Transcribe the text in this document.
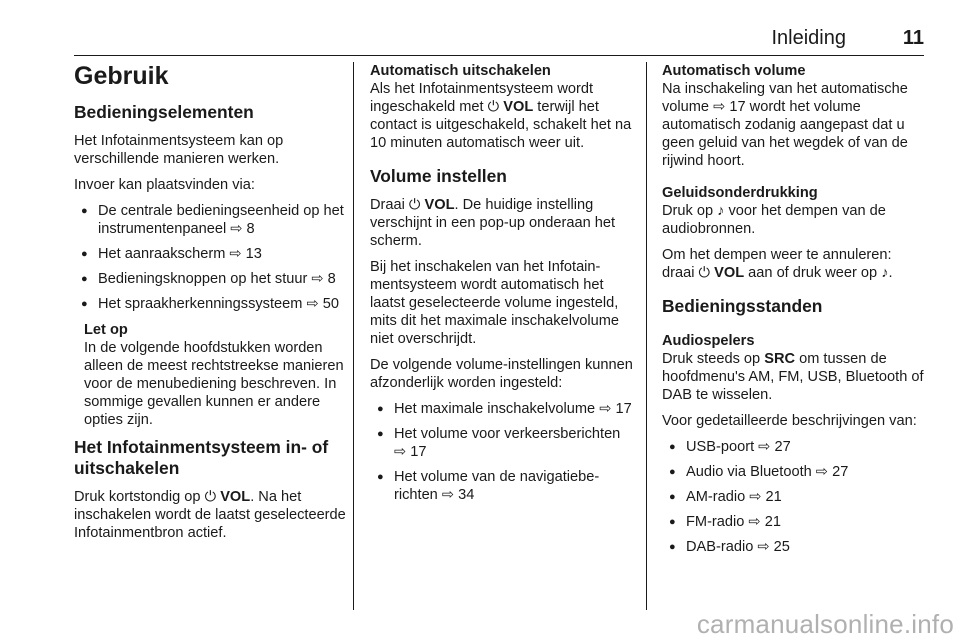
Inleiding	11
Gebruik
Bedieningselementen

Het Infotainmentsysteem kan op verschillende manieren werken.

Invoer kan plaatsvinden via:

● De centrale bedieningseenheid op het instrumentenpaneel ⇨ 8
● Het aanraakscherm ⇨ 13
● Bedieningsknoppen op het stuur ⇨ 8
● Het spraakherkenningssysteem ⇨ 50
Let op

In de volgende hoofdstukken worden alleen de meest rechtstreekse manieren voor de menubediening beschreven. In sommige gevallen kunnen er andere opties zijn.

Het Infotainmentsysteem in- of uitschakelen

Druk kortstondig op ⏻ VOL. Na het inschakelen wordt de laatst geselecteerde Infotainmentbron actief.

Automatisch uitschakelen

Als het Infotainmentsysteem wordt ingeschakeld met ⏻ VOL terwijl het contact is uitgeschakeld, schakelt het na 10 minuten automatisch weer uit.

Volume instellen

Draai ⏻ VOL. De huidige instelling verschijnt in een pop-up onderaan het scherm.

Bij het inschakelen van het Infotainmentsysteem wordt automatisch het laatst geselecteerde volume ingesteld, mits dit het maximale inschakelvolume niet overschrijdt.

De volgende volume-instellingen kunnen afzonderlijk worden ingesteld:

● Het maximale inschakelvolume ⇨ 17
● Het volume voor verkeersberichten ⇨ 17
● Het volume van de navigatieberichten ⇨ 34
Automatisch volume

Na inschakeling van het automatische volume ⇨ 17 wordt het volume automatisch zodanig aangepast dat u geen geluid van het wegdek of van de rijwind hoort.

Geluidsonderdrukking

Druk op ♪ voor het dempen van de audiobronnen.

Om het dempen weer te annuleren: draai ⏻ VOL aan of druk weer op ♪.

Bedieningsstanden
Audiospelers

Druk steeds op SRC om tussen de hoofdmenu's AM, FM, USB, Bluetooth of DAB te wisselen.

Voor gedetailleerde beschrijvingen van:

● USB-poort ⇨ 27
● Audio via Bluetooth ⇨ 27
● AM-radio ⇨ 21
● FM-radio ⇨ 21
● DAB-radio ⇨ 25
carmanualsonline.info
